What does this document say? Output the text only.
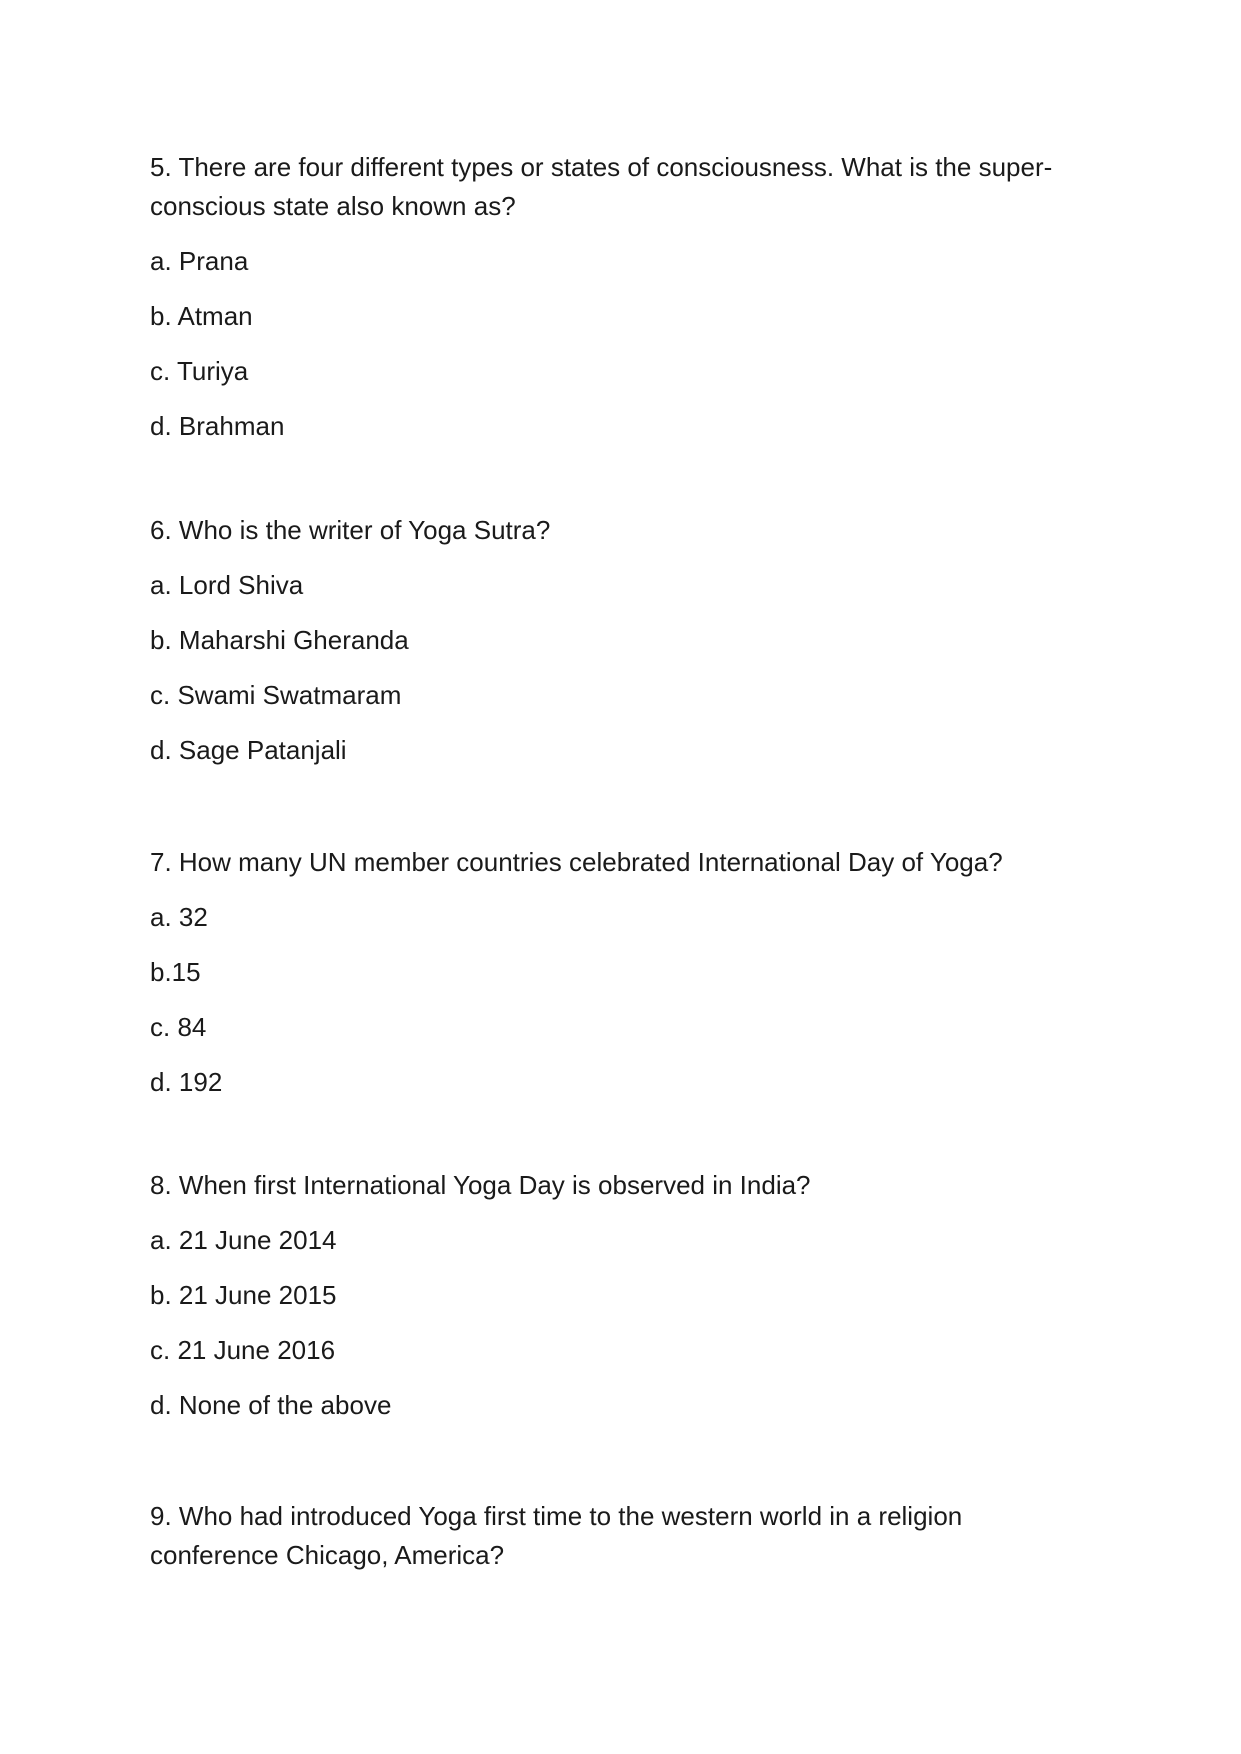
5. There are four different types or states of consciousness. What is the super-
conscious state also known as?
a. Prana
b. Atman
c. Turiya
d. Brahman
6. Who is the writer of Yoga Sutra?
a. Lord Shiva
b. Maharshi Gheranda
c. Swami Swatmaram
d. Sage Patanjali
7. How many UN member countries celebrated International Day of Yoga?
a. 32
b.15
c. 84
d. 192
8. When first International Yoga Day is observed in India?
a. 21 June 2014
b. 21 June 2015
c. 21 June 2016
d. None of the above
9. Who had introduced Yoga first time to the western world in a religion
conference Chicago, America?
